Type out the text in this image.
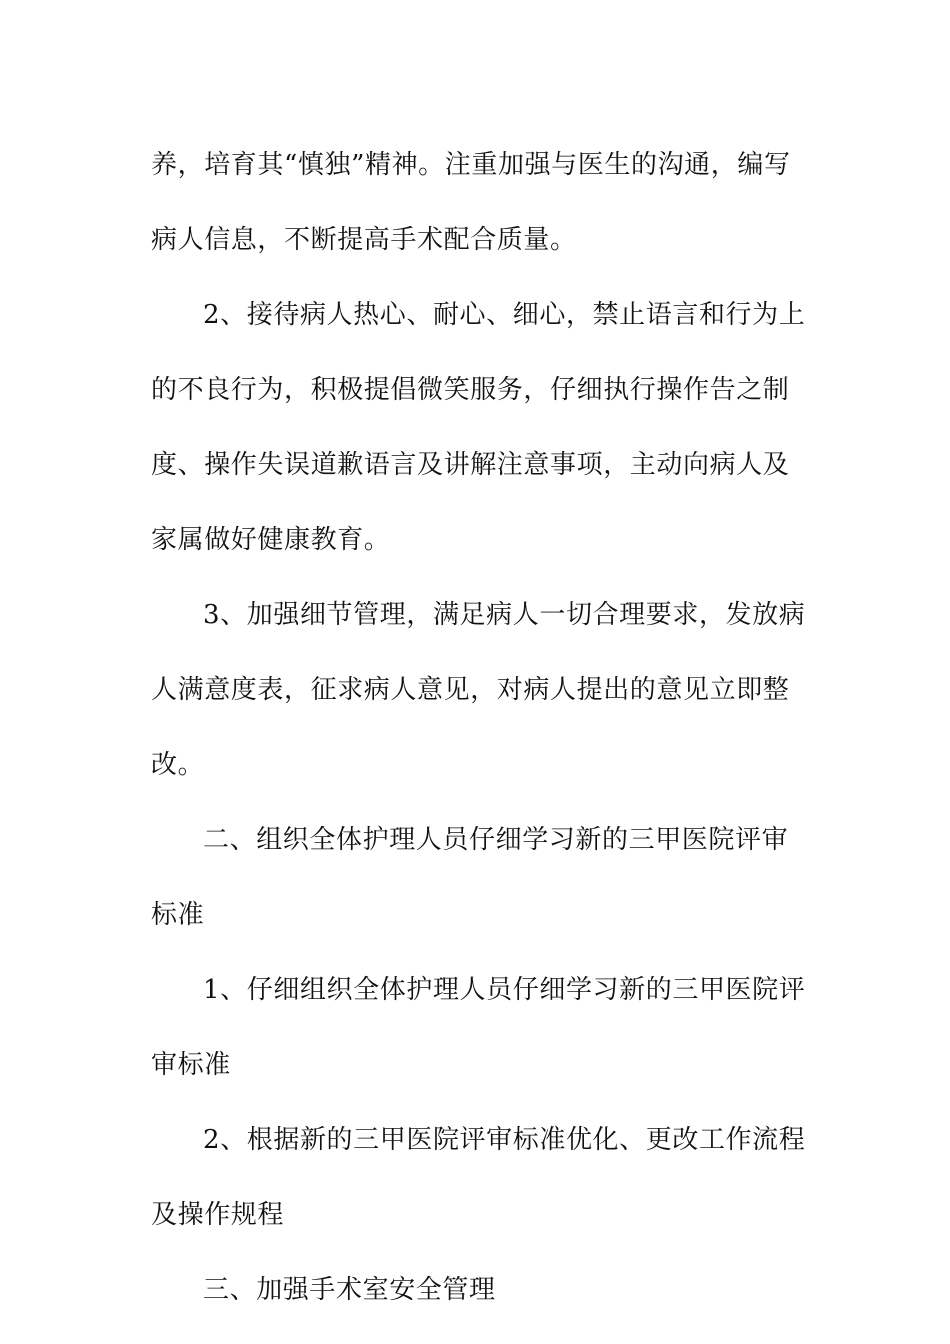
养，培育其“慎独”精神。注重加强与医生的沟通，编写病人信息，不断提高手术配合质量。

2、接待病人热心、耐心、细心，禁止语言和行为上的不良行为，积极提倡微笑服务，仔细执行操作告之制度、操作失误道歉语言及讲解注意事项，主动向病人及家属做好健康教育。

3、加强细节管理，满足病人一切合理要求，发放病人满意度表，征求病人意见，对病人提出的意见立即整改。

二、组织全体护理人员仔细学习新的三甲医院评审标准

1、仔细组织全体护理人员仔细学习新的三甲医院评审标准

2、根据新的三甲医院评审标准优化、更改工作流程及操作规程

三、加强手术室安全管理
